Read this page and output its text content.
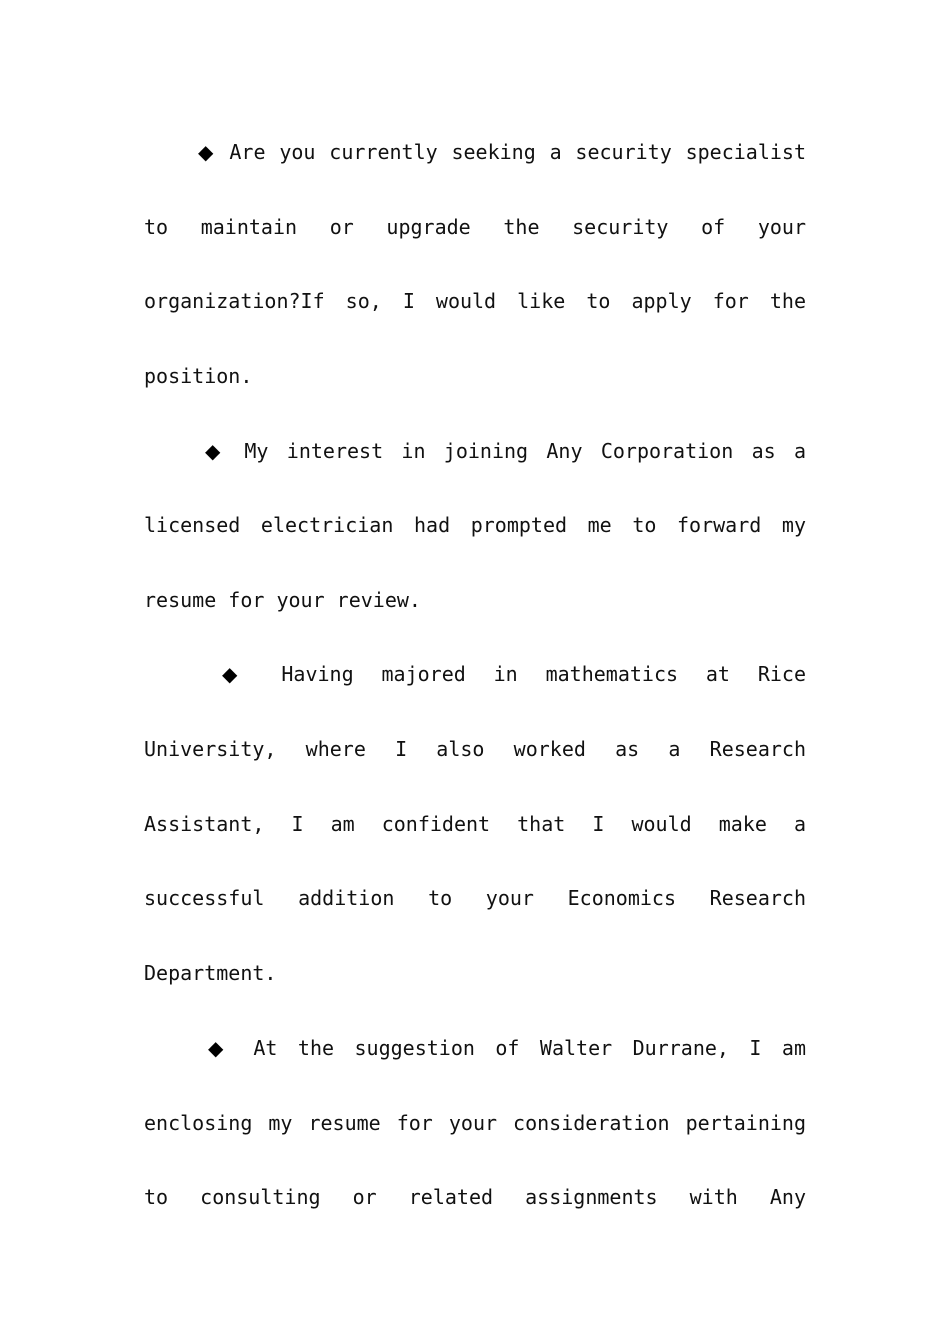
◆ Are you currently seeking a security specialist
to maintain or upgrade the security of your
organization?If so, I would like to apply for the
position.
◆ My interest in joining Any Corporation as a
licensed electrician had prompted me to forward my
resume for your review.
◆ Having majored in mathematics at Rice
University, where I also worked as a Research
Assistant, I am confident that I would make a
successful addition to your Economics Research
Department.
◆ At the suggestion of Walter Durrane, I am
enclosing my resume for your consideration pertaining
to consulting or related assignments with Any
